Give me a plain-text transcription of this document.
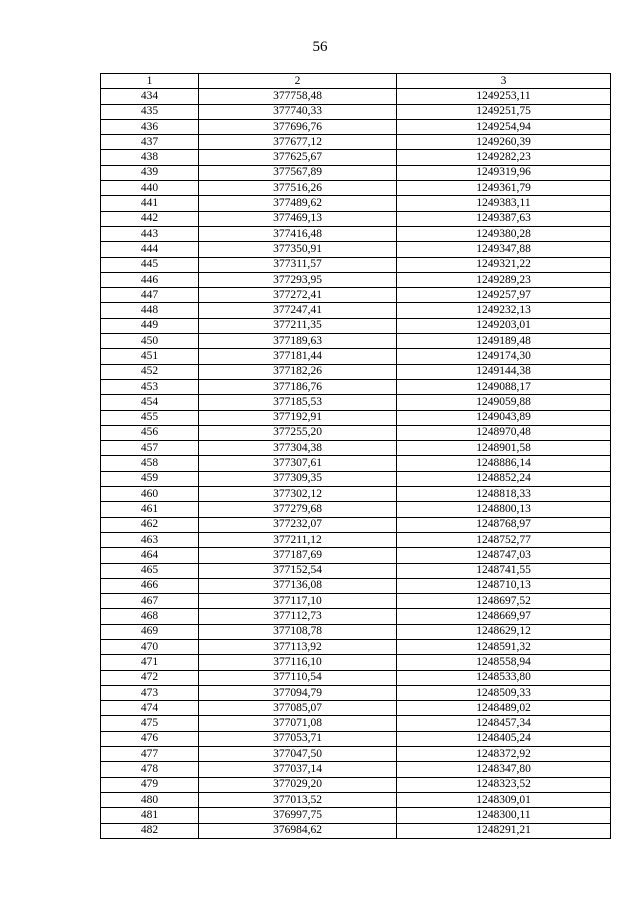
56
1	2	3
434	377758,48	1249253,11
435	377740,33	1249251,75
436	377696,76	1249254,94
437	377677,12	1249260,39
438	377625,67	1249282,23
439	377567,89	1249319,96
440	377516,26	1249361,79
441	377489,62	1249383,11
442	377469,13	1249387,63
443	377416,48	1249380,28
444	377350,91	1249347,88
445	377311,57	1249321,22
446	377293,95	1249289,23
447	377272,41	1249257,97
448	377247,41	1249232,13
449	377211,35	1249203,01
450	377189,63	1249189,48
451	377181,44	1249174,30
452	377182,26	1249144,38
453	377186,76	1249088,17
454	377185,53	1249059,88
455	377192,91	1249043,89
456	377255,20	1248970,48
457	377304,38	1248901,58
458	377307,61	1248886,14
459	377309,35	1248852,24
460	377302,12	1248818,33
461	377279,68	1248800,13
462	377232,07	1248768,97
463	377211,12	1248752,77
464	377187,69	1248747,03
465	377152,54	1248741,55
466	377136,08	1248710,13
467	377117,10	1248697,52
468	377112,73	1248669,97
469	377108,78	1248629,12
470	377113,92	1248591,32
471	377116,10	1248558,94
472	377110,54	1248533,80
473	377094,79	1248509,33
474	377085,07	1248489,02
475	377071,08	1248457,34
476	377053,71	1248405,24
477	377047,50	1248372,92
478	377037,14	1248347,80
479	377029,20	1248323,52
480	377013,52	1248309,01
481	376997,75	1248300,11
482	376984,62	1248291,21
